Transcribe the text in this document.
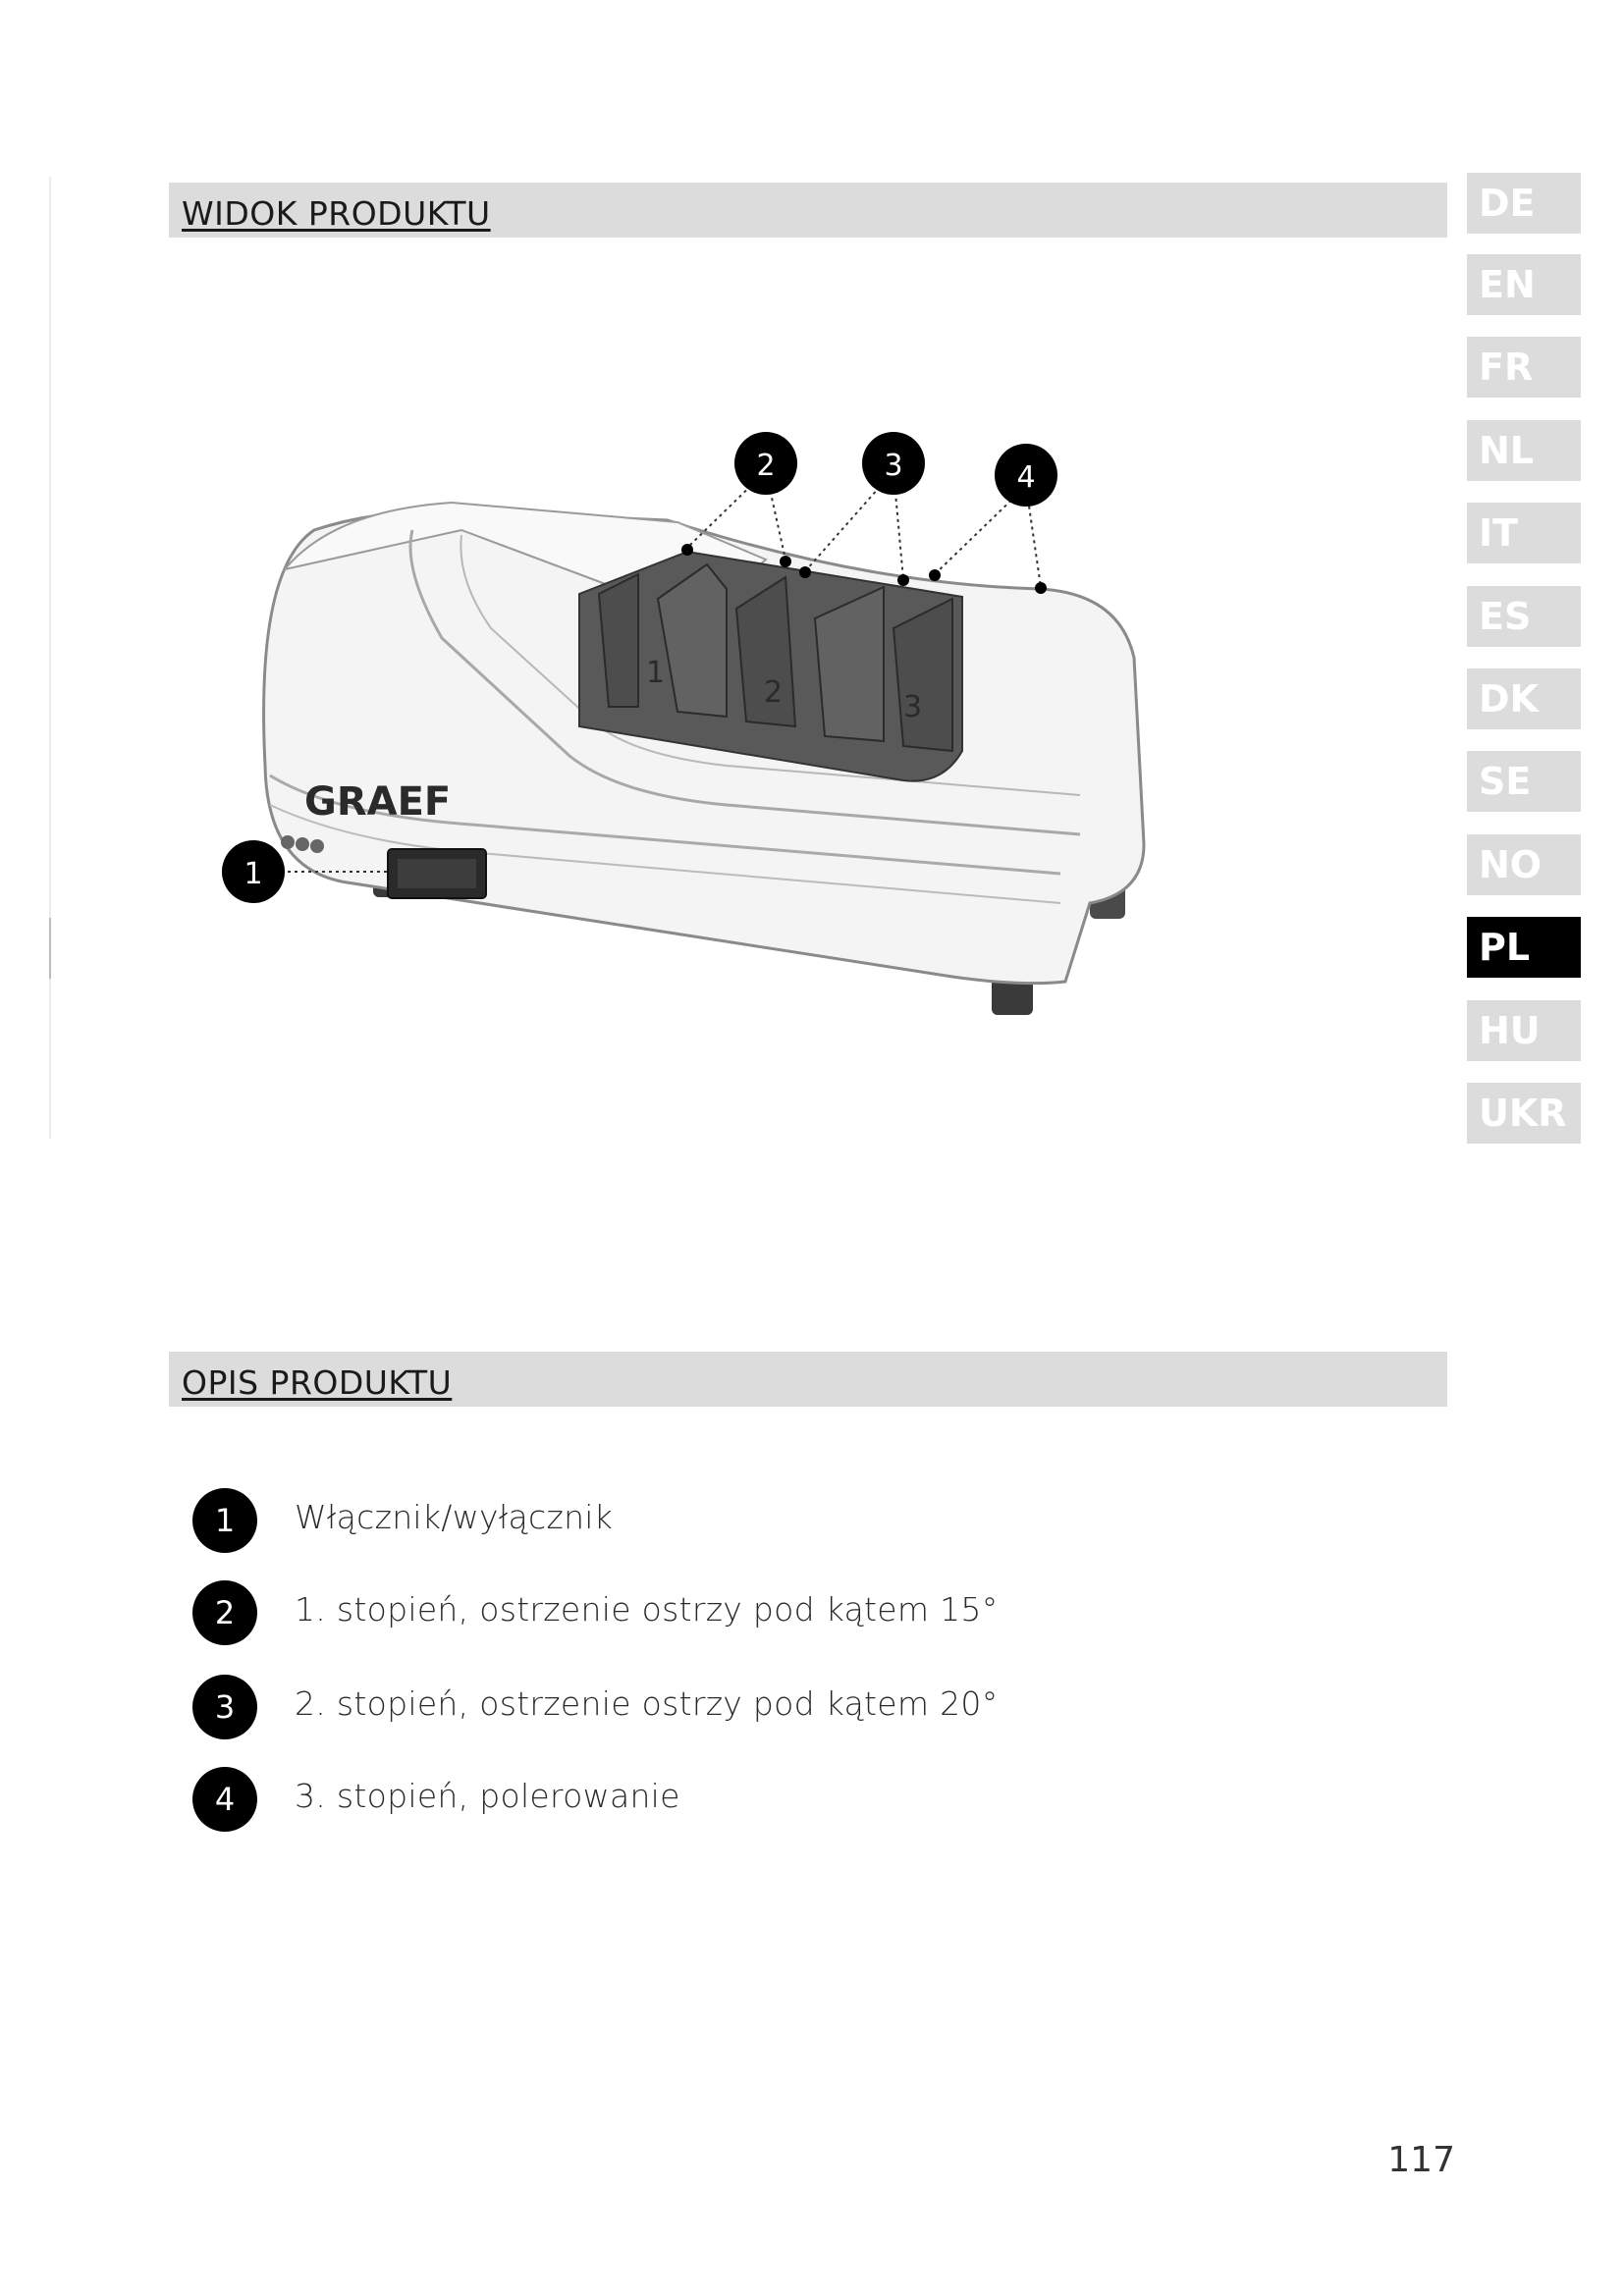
WIDOK PRODUKTU	DE
EN
FR
NL
IT
ES
DK
SE
NO
PL
HU
UKR
1
2	3
GRAEF
1
2	3	4
OPIS PRODUKTU
1	Włącznik/wyłącznik
2	1. stopień, ostrzenie ostrzy pod kątem 15°
3	2. stopień, ostrzenie ostrzy pod kątem 20°
4	3. stopień, polerowanie
117
